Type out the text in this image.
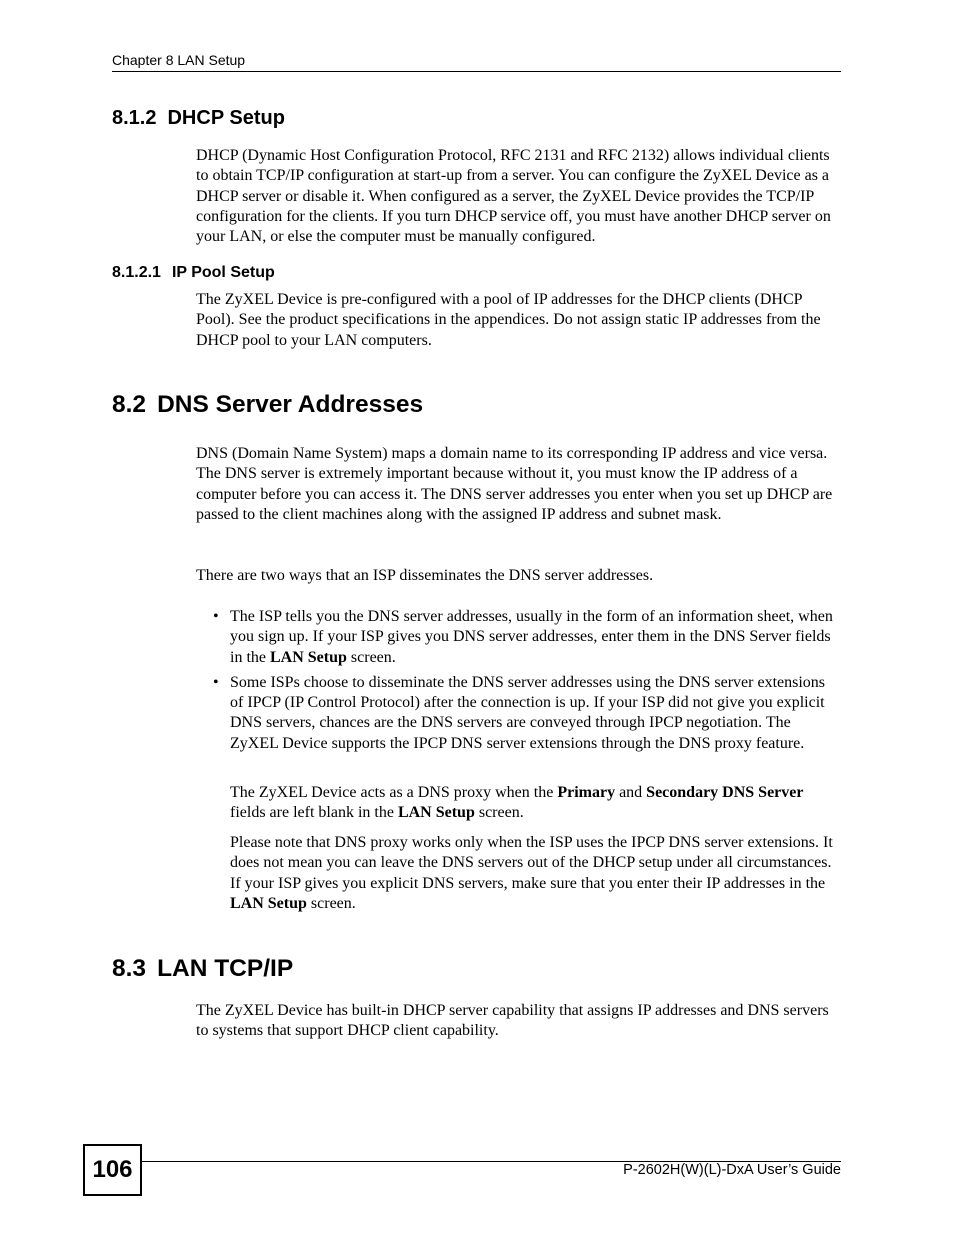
Chapter 8 LAN Setup
8.1.2 DHCP Setup

DHCP (Dynamic Host Configuration Protocol, RFC 2131 and RFC 2132) allows individual clients to obtain TCP/IP configuration at start-up from a server. You can configure the ZyXEL Device as a DHCP server or disable it. When configured as a server, the ZyXEL Device provides the TCP/IP configuration for the clients. If you turn DHCP service off, you must have another DHCP server on your LAN, or else the computer must be manually configured.

8.1.2.1 IP Pool Setup

The ZyXEL Device is pre-configured with a pool of IP addresses for the DHCP clients (DHCP Pool). See the product specifications in the appendices. Do not assign static IP addresses from the DHCP pool to your LAN computers.

8.2 DNS Server Addresses

DNS (Domain Name System) maps a domain name to its corresponding IP address and vice versa. The DNS server is extremely important because without it, you must know the IP address of a computer before you can access it. The DNS server addresses you enter when you set up DHCP are passed to the client machines along with the assigned IP address and subnet mask.

There are two ways that an ISP disseminates the DNS server addresses.

• The ISP tells you the DNS server addresses, usually in the form of an information sheet, when you sign up. If your ISP gives you DNS server addresses, enter them in the DNS Server fields in the LAN Setup screen.
• Some ISPs choose to disseminate the DNS server addresses using the DNS server extensions of IPCP (IP Control Protocol) after the connection is up. If your ISP did not give you explicit DNS servers, chances are the DNS servers are conveyed through IPCP negotiation. The ZyXEL Device supports the IPCP DNS server extensions through the DNS proxy feature.

The ZyXEL Device acts as a DNS proxy when the Primary and Secondary DNS Server fields are left blank in the LAN Setup screen.

Please note that DNS proxy works only when the ISP uses the IPCP DNS server extensions. It does not mean you can leave the DNS servers out of the DHCP setup under all circumstances. If your ISP gives you explicit DNS servers, make sure that you enter their IP addresses in the LAN Setup screen.

8.3 LAN TCP/IP

The ZyXEL Device has built-in DHCP server capability that assigns IP addresses and DNS servers to systems that support DHCP client capability.

106	P-2602H(W)(L)-DxA User’s Guide
